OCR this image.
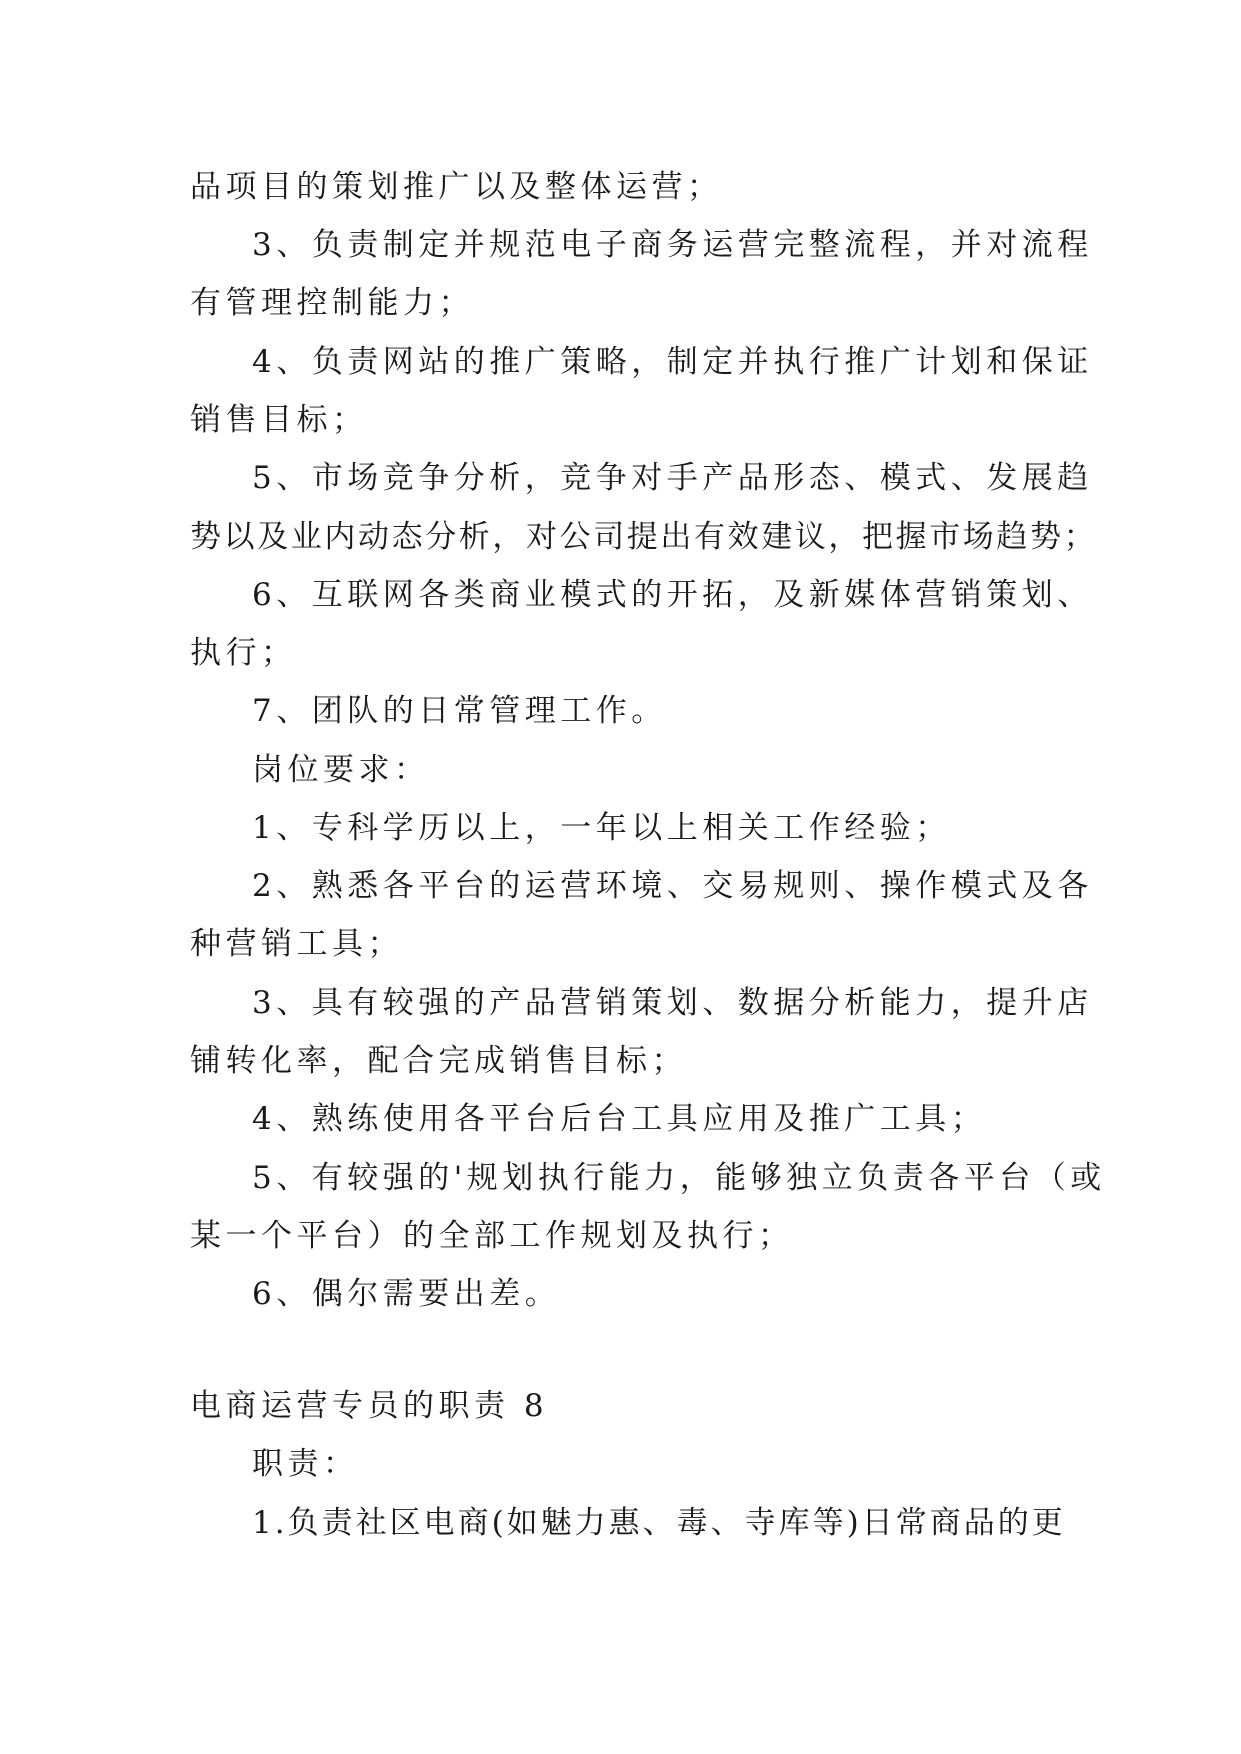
品项目的策划推广以及整体运营；
3、负责制定并规范电子商务运营完整流程，并对流程
有管理控制能力；
4、负责网站的推广策略，制定并执行推广计划和保证
销售目标；
5、市场竞争分析，竞争对手产品形态、模式、发展趋
势以及业内动态分析，对公司提出有效建议，把握市场趋势；
6、互联网各类商业模式的开拓，及新媒体营销策划、
执行；
7、团队的日常管理工作。
岗位要求：
1、专科学历以上，一年以上相关工作经验；
2、熟悉各平台的运营环境、交易规则、操作模式及各
种营销工具；
3、具有较强的产品营销策划、数据分析能力，提升店
铺转化率，配合完成销售目标；
4、熟练使用各平台后台工具应用及推广工具；
5、有较强的'规划执行能力，能够独立负责各平台（或
某一个平台）的全部工作规划及执行；
6、偶尔需要出差。
电商运营专员的职责 8
职责：
1.负责社区电商(如魅力惠、毒、寺库等)日常商品的更
